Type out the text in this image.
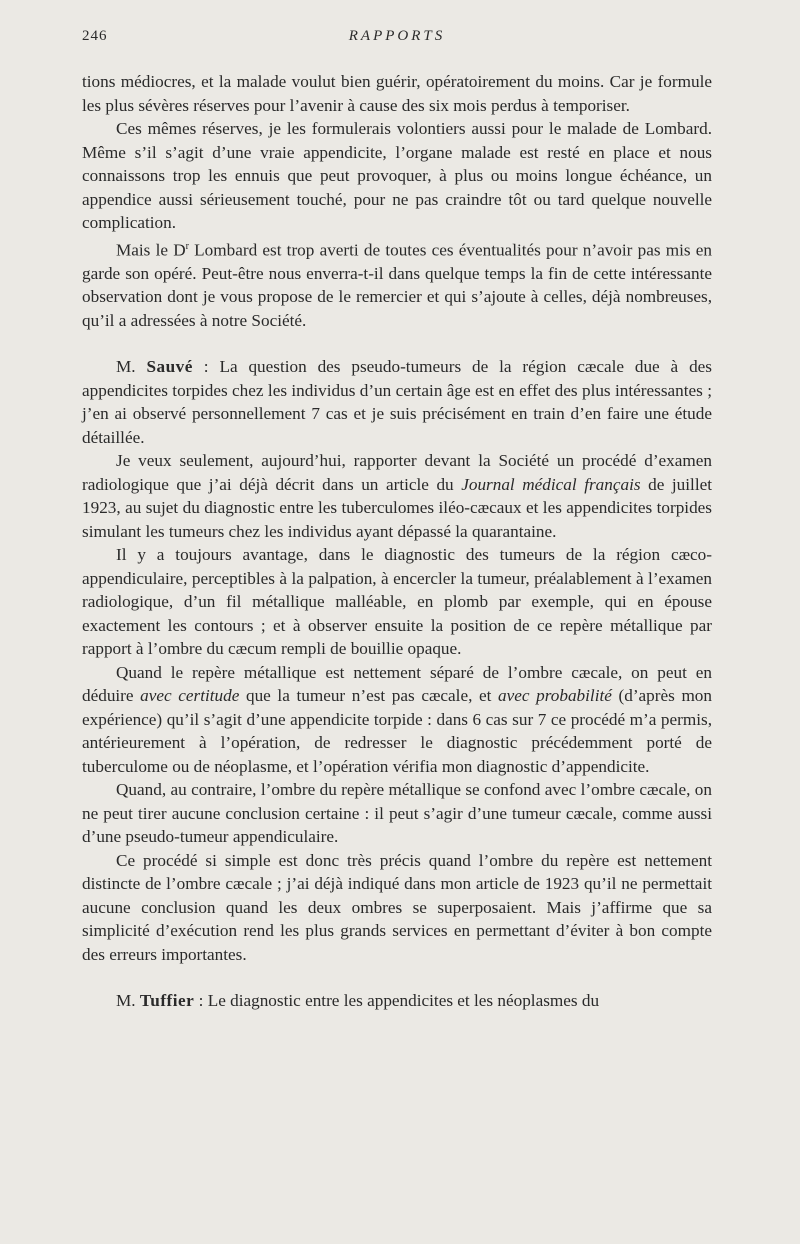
246	RAPPORTS

tions médiocres, et la malade voulut bien guérir, opératoirement du moins. Car je formule les plus sévères réserves pour l’avenir à cause des six mois perdus à temporiser.

Ces mêmes réserves, je les formulerais volontiers aussi pour le malade de Lombard. Même s’il s’agit d’une vraie appendicite, l’organe malade est resté en place et nous connaissons trop les ennuis que peut provoquer, à plus ou moins longue échéance, un appendice aussi sérieusement touché, pour ne pas craindre tôt ou tard quelque nouvelle complication.

Mais le $D^r$ Lombard est trop averti de toutes ces éventualités pour n’avoir pas mis en garde son opéré. Peut-être nous enverra-t-il dans quelque temps la fin de cette intéressante observation dont je vous propose de le remercier et qui s’ajoute à celles, déjà nombreuses, qu’il a adressées à notre Société.

M. Sauvé : La question des pseudo-tumeurs de la région cæcale due à des appendicites torpides chez les individus d’un certain âge est en effet des plus intéressantes ; j’en ai observé personnellement 7 cas et je suis précisément en train d’en faire une étude détaillée.

Je veux seulement, aujourd’hui, rapporter devant la Société un procédé d’examen radiologique que j’ai déjà décrit dans un article du Journal médical français de juillet 1923, au sujet du diagnostic entre les tuberculomes iléo-cæcaux et les appendicites torpides simulant les tumeurs chez les individus ayant dépassé la quarantaine.

Il y a toujours avantage, dans le diagnostic des tumeurs de la région cæco-appendiculaire, perceptibles à la palpation, à encercler la tumeur, préalablement à l’examen radiologique, d’un fil métallique malléable, en plomb par exemple, qui en épouse exactement les contours ; et à observer ensuite la position de ce repère métallique par rapport à l’ombre du cæcum rempli de bouillie opaque.

Quand le repère métallique est nettement séparé de l’ombre cæcale, on peut en déduire avec certitude que la tumeur n’est pas cæcale, et avec probabilité (d’après mon expérience) qu’il s’agit d’une appendicite torpide : dans 6 cas sur 7 ce procédé m’a permis, antérieurement à l’opération, de redresser le diagnostic précédemment porté de tuberculome ou de néoplasme, et l’opération vérifia mon diagnostic d’appendicite.

Quand, au contraire, l’ombre du repère métallique se confond avec l’ombre cæcale, on ne peut tirer aucune conclusion certaine : il peut s’agir d’une tumeur cæcale, comme aussi d’une pseudo-tumeur appendiculaire.

Ce procédé si simple est donc très précis quand l’ombre du repère est nettement distincte de l’ombre cæcale ; j’ai déjà indiqué dans mon article de 1923 qu’il ne permettait aucune conclusion quand les deux ombres se superposaient. Mais j’affirme que sa simplicité d’exécution rend les plus grands services en permettant d’éviter à bon compte des erreurs importantes.

M. Tuffier : Le diagnostic entre les appendicites et les néoplasmes du
